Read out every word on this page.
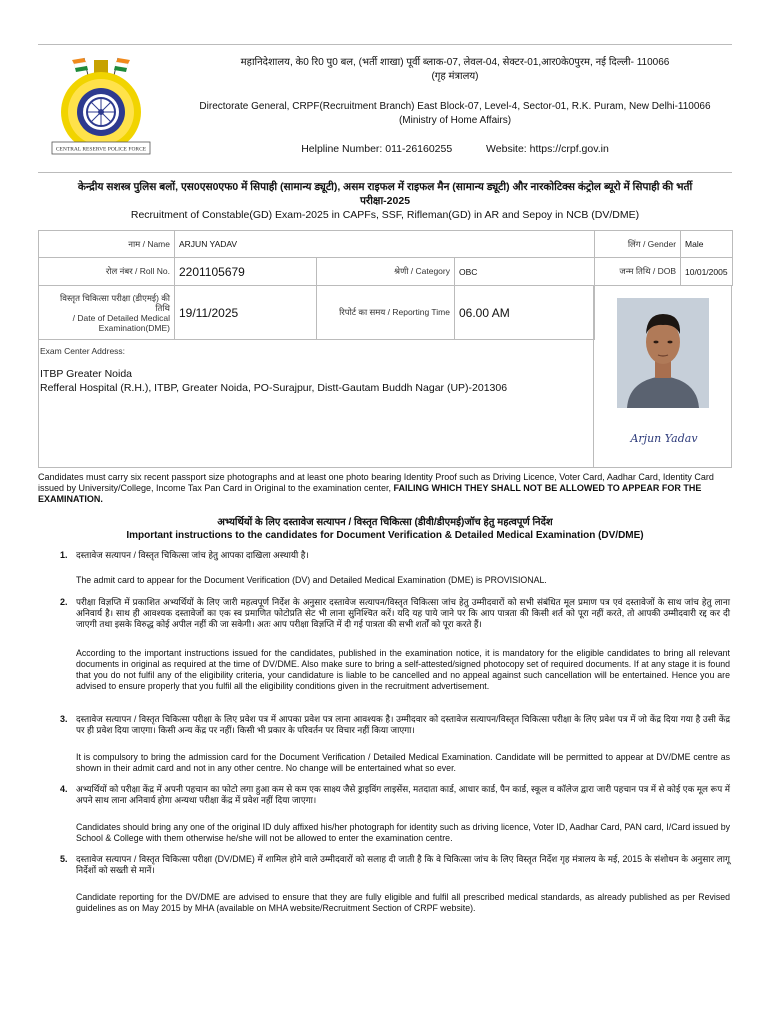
CENTRAL RESERVE POLICE FORCE
महानिदेशालय, के0 रि0 पु0 बल, (भर्ती शाखा) पूर्वी ब्लाक-07, लेवल-04, सेक्टर-01,आर0के0पुरम, नई दिल्ली- 110066
(गृह मंत्रालय)
Directorate General, CRPF(Recruitment Branch) East Block-07, Level-4, Sector-01, R.K. Puram, New Delhi-110066
(Ministry of Home Affairs)
Helpline Number: 011-26160255	Website: https://crpf.gov.in
केन्द्रीय सशस्त्र पुलिस बलों, एस0एस0एफ0 में सिपाही (सामान्य ड्यूटी), असम राइफल में राइफल मैन (सामान्य ड्यूटी) और नारकोटिक्स कंट्रोल ब्यूरो में सिपाही की भर्ती
परीक्षा-2025
Recruitment of Constable(GD) Exam-2025 in CAPFs, SSF, Rifleman(GD) in AR and Sepoy in NCB (DV/DME)
नाम / Name	ARJUN YADAV			लिंग / Gender	Male
रोल नंबर / Roll No.	2201105679	श्रेणी / Category	OBC	जन्म तिथि / DOB	10/01/2005
विस्तृत चिकित्सा परीक्षा (डीएमई) की तिथि
/ Date of Detailed Medical Examination(DME)	19/11/2025	रिपोर्ट का समय / Reporting Time	06.00 AM		
Arjun Yadav
Exam Center Address:
ITBP Greater Noida
Refferal Hospital (R.H.), ITBP, Greater Noida, PO-Surajpur, Distt-Gautam Buddh Nagar (UP)-201306
Candidates must carry six recent passport size photographs and at least one photo bearing Identity Proof such as Driving Licence, Voter Card, Aadhar Card, Identity Card issued by University/College, Income Tax Pan Card in Original to the examination center, FAILING WHICH THEY SHALL NOT BE ALLOWED TO APPEAR FOR THE EXAMINATION.
अभ्यर्थियों के लिए दस्तावेज सत्यापन / विस्तृत चिकित्सा (डीवी/डीएमई)जॉच हेतु महत्वपूर्ण निर्देश
Important instructions to the candidates for Document Verification & Detailed Medical Examination (DV/DME)
1. दस्तावेज सत्यापन / विस्तृत चिकित्सा जांच हेतु आपका दाखिला अस्थायी है।
The admit card to appear for the Document Verification (DV) and Detailed Medical Examination (DME) is PROVISIONAL.
2. परीक्षा विज्ञप्ति में प्रकाशित अभ्यर्थियों के लिए जारी महत्वपूर्ण निर्देश के अनुसार दस्तावेज सत्यापन/विस्तृत चिकित्सा जांच हेतु उम्मीदवारों को सभी संबंधित मूल प्रमाण पत्र एवं दस्तावेजों के साथ जांच हेतु लाना अनिवार्य है। साथ ही आवश्यक दस्तावेजों का एक स्व प्रमाणित फोटोप्रति सेट भी लाना सुनिश्चित करें। यदि यह पाये जाने पर कि आप पात्रता की किसी शर्त को पूरा नहीं करते, तो आपकी उम्मीदवारी रद्द कर दी जाएगी तथा इसके विरुद्ध कोई अपील नहीं की जा सकेगी। अतः आप परीक्षा विज्ञप्ति में दी गई पात्रता की सभी शर्तों को पूरा करते हैं।
According to the important instructions issued for the candidates, published in the examination notice, it is mandatory for the eligible candidates to bring all relevant documents in original as required at the time of DV/DME. Also make sure to bring a self-attested/signed photocopy set of required documents. If at any stage it is found that you do not fulfil any of the eligibility criteria, your candidature is liable to be cancelled and no appeal against such cancellation will be entertained. Hence you are advised to ensure properly that you fulfil all the eligibility conditions given in the recruitment advertisement.
3. दस्तावेज सत्यापन / विस्तृत चिकित्सा परीक्षा के लिए प्रवेश पत्र में आपका प्रवेश पत्र लाना आवश्यक है। उम्मीदवार को दस्तावेज सत्यापन/विस्तृत चिकित्सा परीक्षा के लिए प्रवेश पत्र में जो केंद्र दिया गया है उसी केंद्र पर ही प्रवेश दिया जाएगा। किसी अन्य केंद्र पर नहीं। किसी भी प्रकार के परिवर्तन पर विचार नहीं किया जाएगा।
It is compulsory to bring the admission card for the Document Verification / Detailed Medical Examination. Candidate will be permitted to appear at DV/DME centre as shown in their admit card and not in any other centre. No change will be entertained what so ever.
4. अभ्यर्थियों को परीक्षा केंद्र में अपनी पहचान का फोटो लगा हुआ कम से कम एक साक्ष्य जैसे ड्राइविंग लाइसेंस, मतदाता कार्ड, आधार कार्ड, पैन कार्ड, स्कूल व कॉलेज द्वारा जारी पहचान पत्र में से कोई एक मूल रूप में अपने साथ लाना अनिवार्य होगा अन्यथा परीक्षा केंद्र में प्रवेश नहीं दिया जाएगा।
Candidates should bring any one of the original ID duly affixed his/her photograph for identity such as driving licence, Voter ID, Aadhar Card, PAN card, I/Card issued by School & College with them otherwise he/she will not be allowed to enter the examination centre.
5. दस्तावेज सत्यापन / विस्तृत चिकित्सा परीक्षा (DV/DME) में शामिल होने वाले उम्मीदवारों को सलाह दी जाती है कि वे चिकित्सा जांच के लिए विस्तृत निर्देश गृह मंत्रालय के मई, 2015 के संशोधन के अनुसार लागू निर्देशों को सख्ती से मानें।
Candidate reporting for the DV/DME are advised to ensure that they are fully eligible and fulfil all prescribed medical standards, as already published as per Revised guidelines as on May 2015 by MHA (available on MHA website/Recruitment Section of CRPF website).
